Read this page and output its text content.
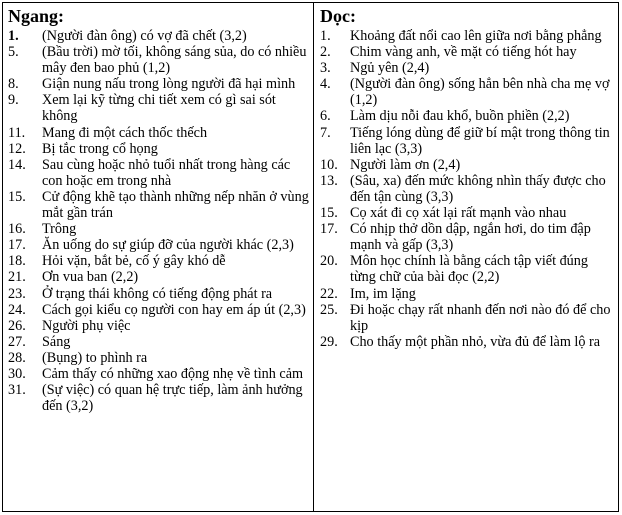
Ngang:
1.	(Người đàn ông) có vợ đã chết (3,2)
5.	(Bầu trời) mờ tối, không sáng sủa, do có nhiều mây đen bao phủ (1,2)
8.	Giận nung nấu trong lòng người đã hại mình
9.	Xem lại kỹ từng chi tiết xem có gì sai sót không
11.	Mang đi một cách thốc thếch
12.	Bị tắc trong cổ họng
14.	Sau cùng hoặc nhỏ tuổi nhất trong hàng các con hoặc em trong nhà
15.	Cử động khẽ tạo thành những nếp nhăn ở vùng mắt gần trán
16.	Trông
17.	Ăn uống do sự giúp đỡ của người khác (2,3)
18.	Hỏi vặn, bắt bẻ, cố ý gây khó dễ
21.	Ơn vua ban (2,2)
23.	Ở trạng thái không có tiếng động phát ra
24.	Cách gọi kiểu cọ người con hay em áp út (2,3)
26.	Người phụ việc
27.	Sáng
28.	(Bụng) to phình ra
30.	Cảm thấy có những xao động nhẹ về tình cảm
31.	(Sự việc) có quan hệ trực tiếp, làm ảnh hưởng đến (3,2)
Dọc:
1.	Khoảng đất nổi cao lên giữa nơi bằng phẳng
2.	Chim vàng anh, về mặt có tiếng hót hay
3.	Ngủ yên (2,4)
4.	(Người đàn ông) sống hẳn bên nhà cha mẹ vợ (1,2)
6.	Làm dịu nỗi đau khổ, buồn phiền (2,2)
7.	Tiếng lóng dùng để giữ bí mật trong thông tin liên lạc (3,3)
10. Người làm ơn (2,4)
13. (Sâu, xa) đến mức không nhìn thấy được cho đến tận cùng (3,3)
15. Cọ xát đi cọ xát lại rất mạnh vào nhau
17. Có nhịp thở dồn dập, ngắn hơi, do tim đập mạnh và gấp (3,3)
20. Môn học chính là bằng cách tập viết đúng từng chữ của bài đọc (2,2)
22. Im, im lặng
25. Đi hoặc chạy rất nhanh đến nơi nào đó để cho kịp
29. Cho thấy một phần nhỏ, vừa đủ để làm lộ ra
